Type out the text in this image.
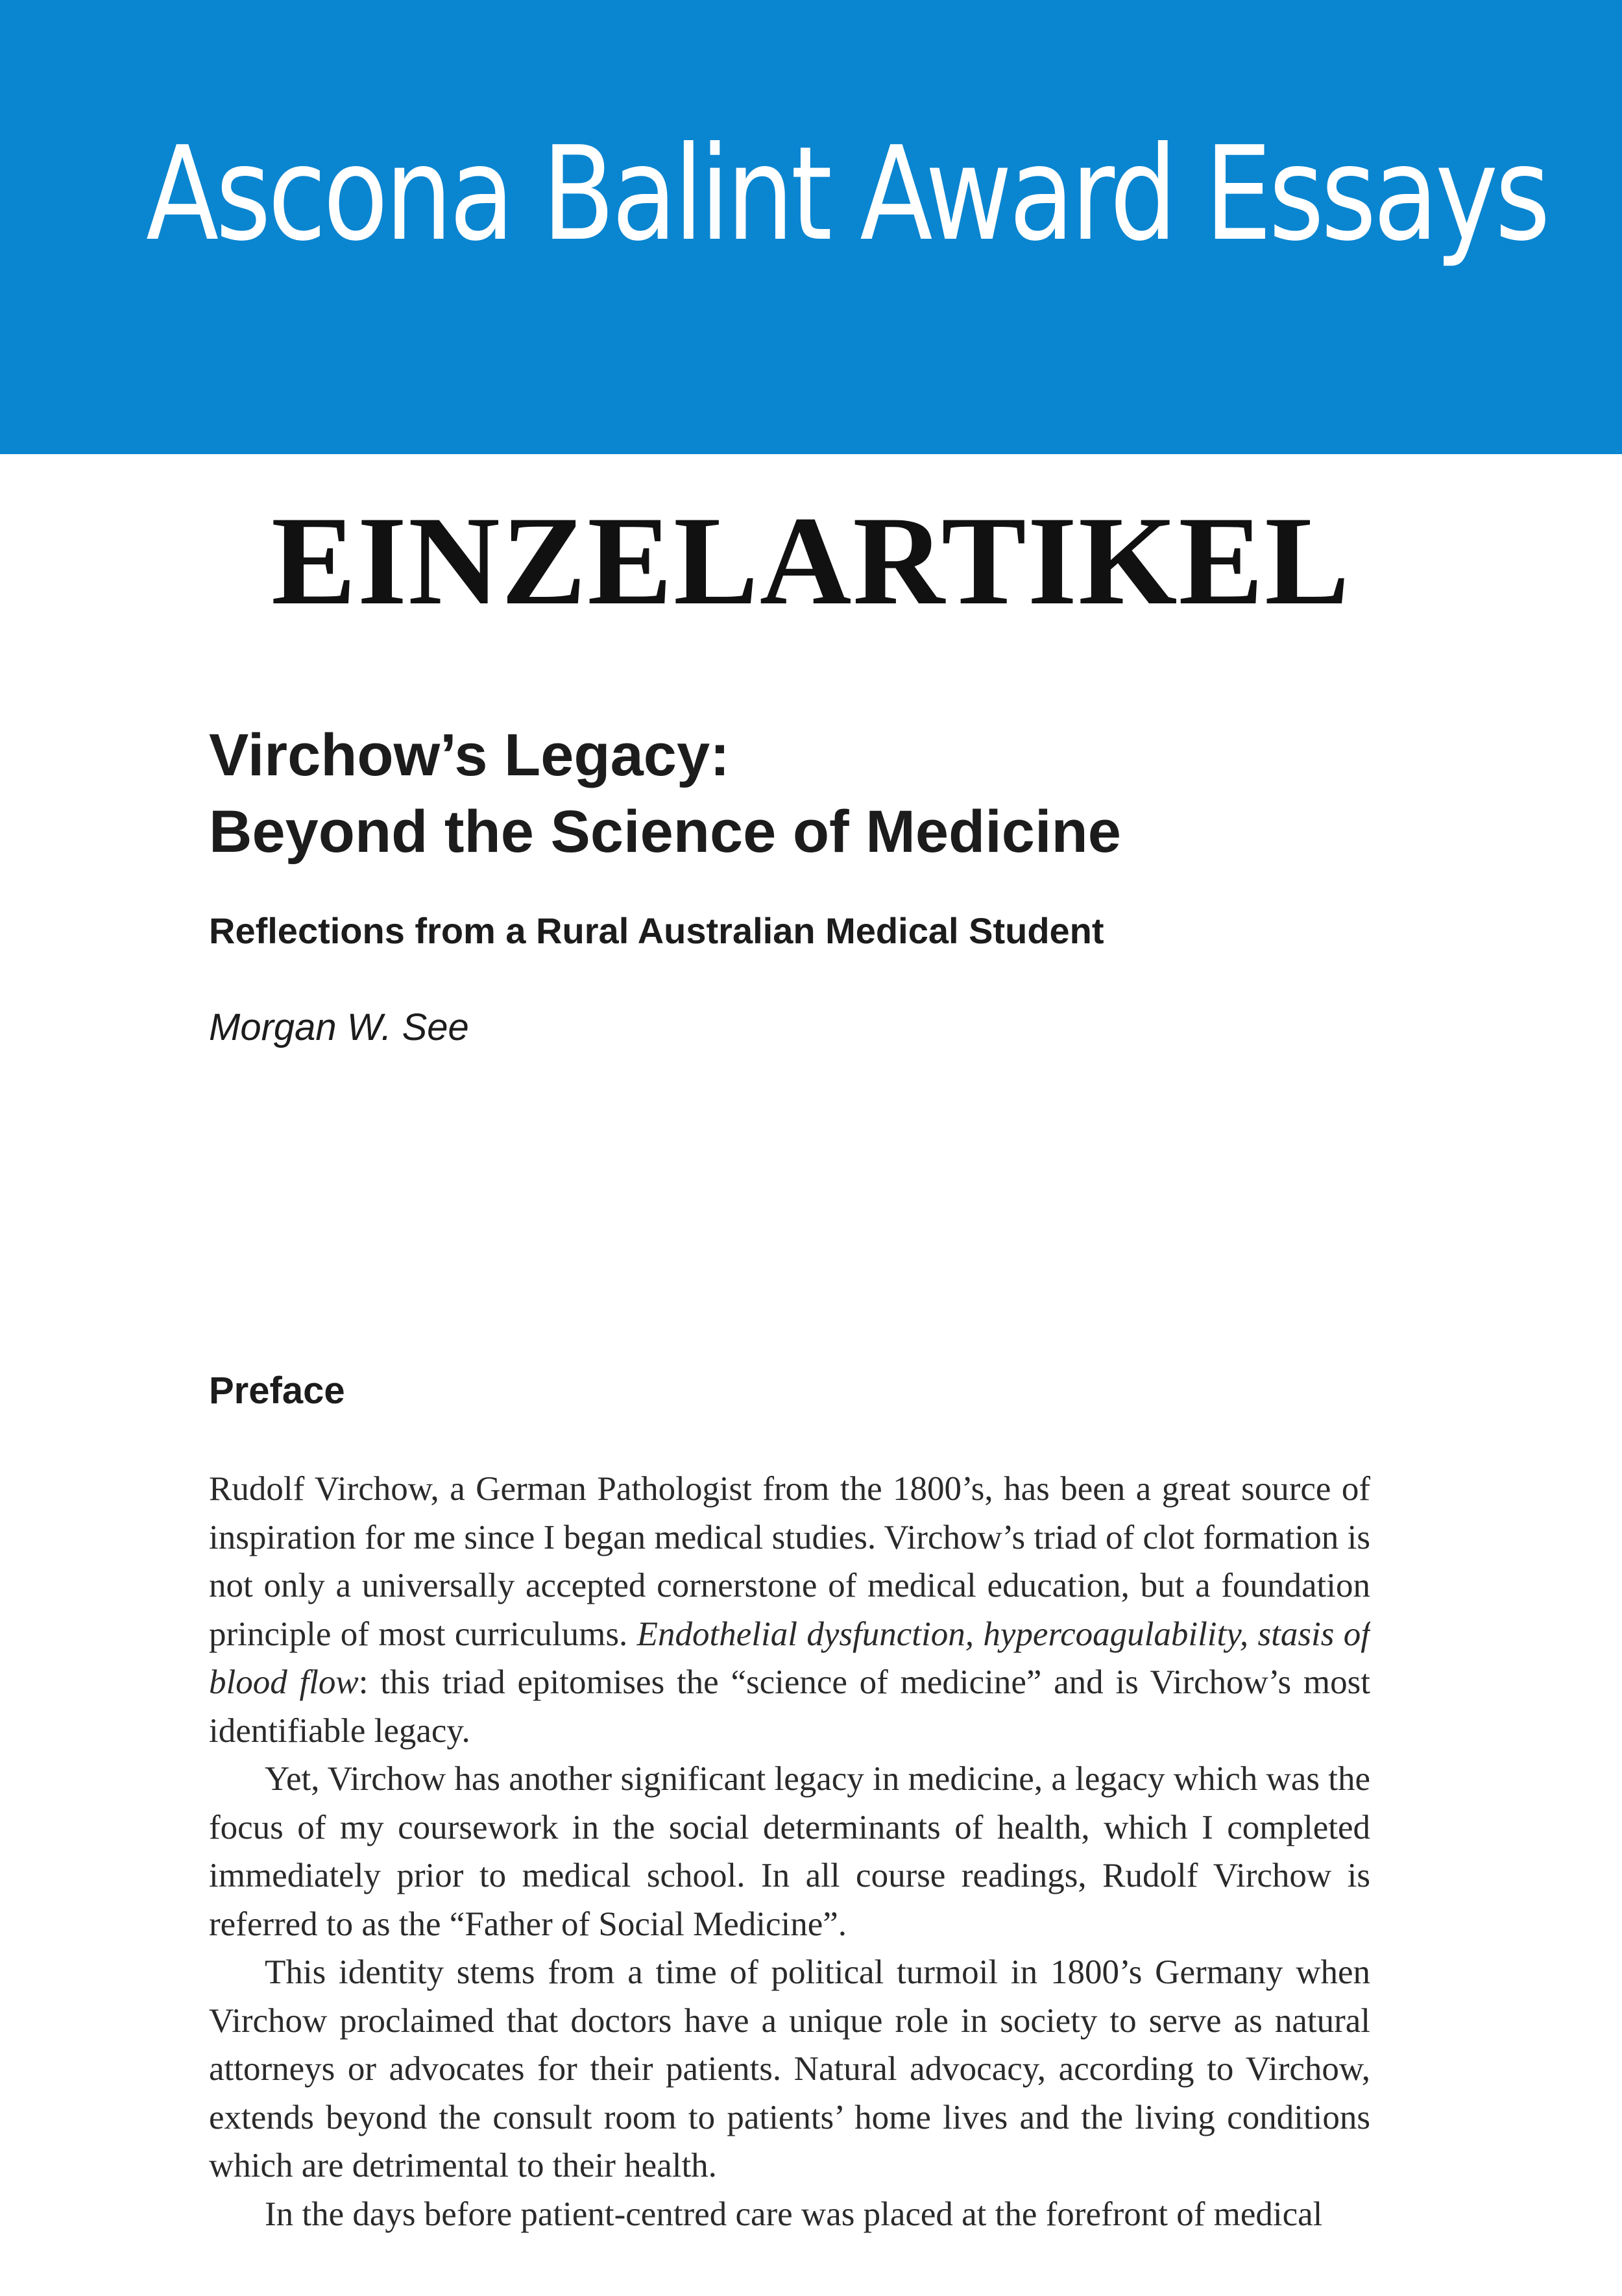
Ascona Balint Award Essays
EINZELARTIKEL
Virchow’s Legacy:
Beyond the Science of Medicine

Reflections from a Rural Australian Medical Student

Morgan W. See

Preface

Rudolf Virchow, a German Pathologist from the 1800’s, has been a great source of inspiration for me since I began medical studies. Virchow’s triad of clot formation is not only a universally accepted cornerstone of medical education, but a foundation principle of most curriculums. Endothelial dysfunction, hypercoagulability, stasis of blood flow: this triad epitomises the “science of medicine” and is Virchow’s most identifiable legacy.

Yet, Virchow has another significant legacy in medicine, a legacy which was the focus of my coursework in the social determinants of health, which I completed immediately prior to medical school. In all course readings, Rudolf Virchow is referred to as the “Father of Social Medicine”.

This identity stems from a time of political turmoil in 1800’s Germany when Virchow proclaimed that doctors have a unique role in society to serve as natural attorneys or advocates for their patients. Natural advocacy, according to Virchow, extends beyond the consult room to patients’ home lives and the living conditions which are detrimental to their health.

In the days before patient-centred care was placed at the forefront of medical
